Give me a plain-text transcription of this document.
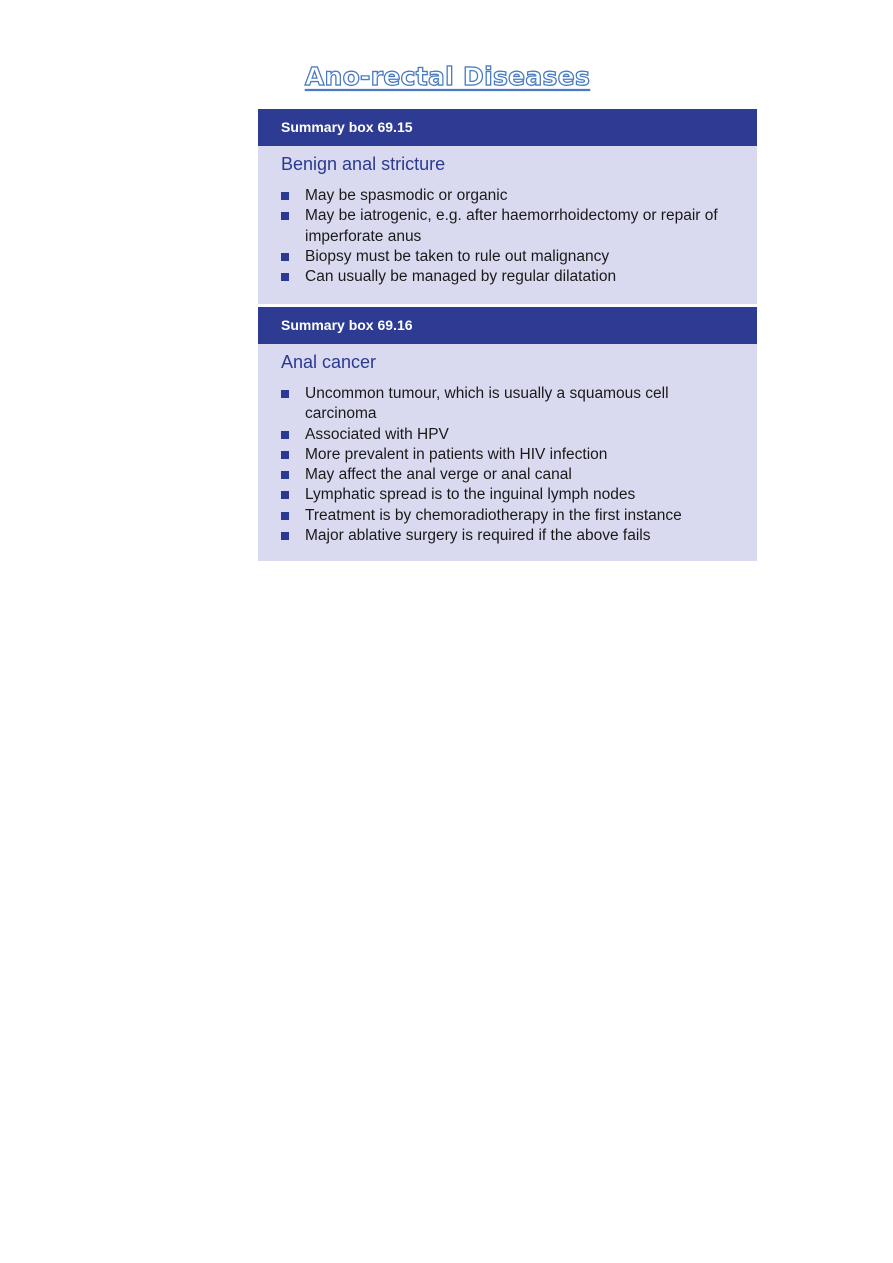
Ano-rectal Diseases
Summary box 69.15
Benign anal stricture
May be spasmodic or organic
May be iatrogenic, e.g. after haemorrhoidectomy or repair of imperforate anus
Biopsy must be taken to rule out malignancy
Can usually be managed by regular dilatation
Summary box 69.16
Anal cancer
Uncommon tumour, which is usually a squamous cell carcinoma
Associated with HPV
More prevalent in patients with HIV infection
May affect the anal verge or anal canal
Lymphatic spread is to the inguinal lymph nodes
Treatment is by chemoradiotherapy in the first instance
Major ablative surgery is required if the above fails
